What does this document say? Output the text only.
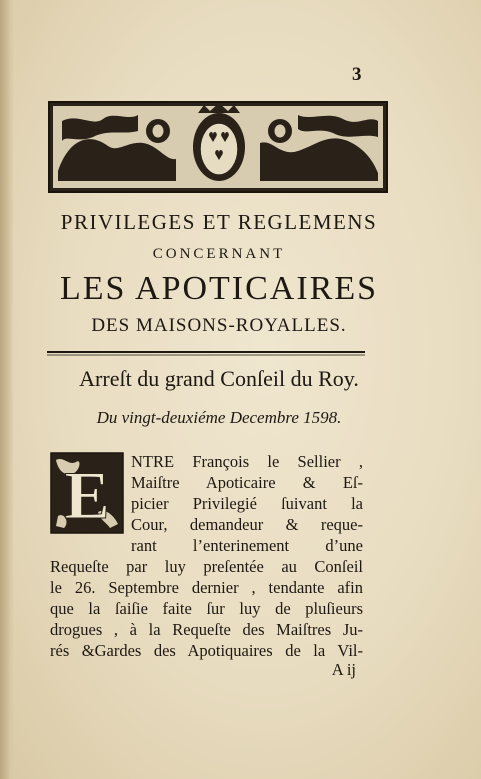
3
PRIVILEGES ET REGLEMENS
CONCERNANT
LES APOTICAIRES
DES MAISONS-ROYALLES.
Arreſt du grand Conſeil du Roy.
Du vingt-deuxiéme Decembre 1598.
E NTRE François le Sellier ,
Maiſtre Apoticaire & Eſ-
picier Privilegié ſuivant la
Cour, demandeur & reque-
rant l’enterinement d’une
Requeſte par luy preſentée au Conſeil
le 26. Septembre dernier , tendante afin
que la ſaiſie faite ſur luy de pluſieurs
drogues , à la Requeſte des Maiſtres Ju-
rés &Gardes des Apotiquaires de la Vil-
A ij
